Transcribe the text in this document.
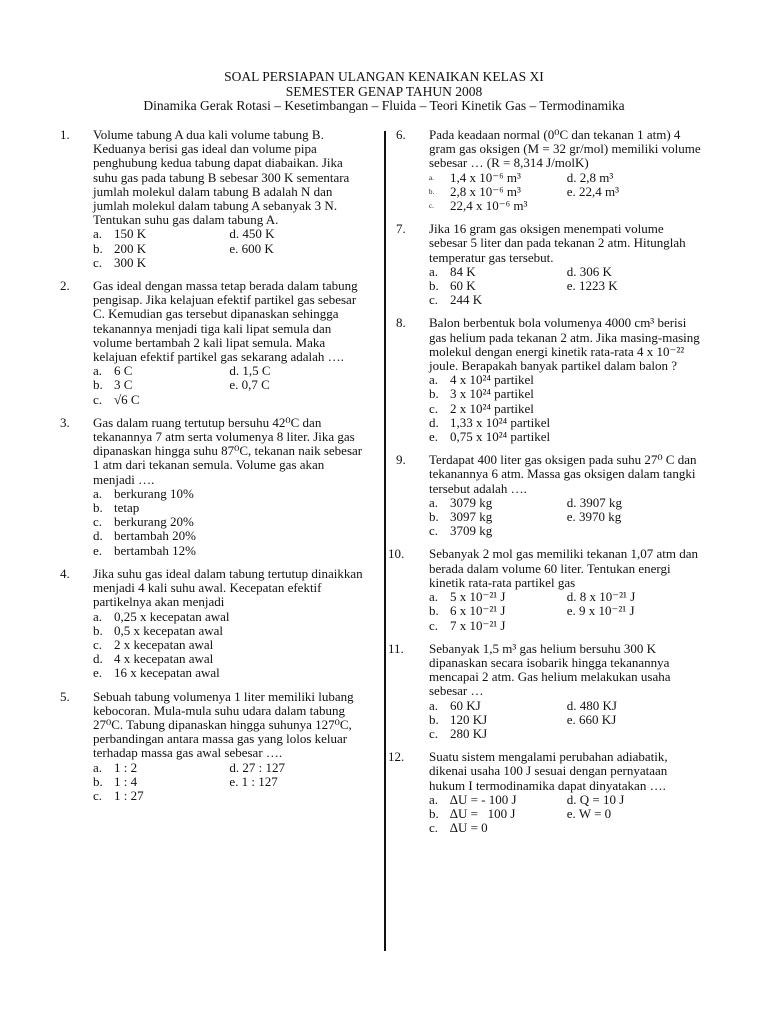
SOAL PERSIAPAN ULANGAN KENAIKAN KELAS XI
SEMESTER GENAP TAHUN 2008
Dinamika Gerak Rotasi – Kesetimbangan – Fluida – Teori Kinetik Gas – Termodinamika
1.	Volume tabung A dua kali volume tabung B. Keduanya berisi gas ideal dan volume pipa penghubung kedua tabung dapat diabaikan. Jika suhu gas pada tabung B sebesar 300 K sementara jumlah molekul dalam tabung B adalah N dan jumlah molekul dalam tabung A sebanyak 3 N. Tentukan suhu gas dalam tabung A.
a. 150 K	d. 450 K
b. 200 K	e. 600 K
c. 300 K
2.	Gas ideal dengan massa tetap berada dalam tabung pengisap. Jika kelajuan efektif partikel gas sebesar C. Kemudian gas tersebut dipanaskan sehingga tekanannya menjadi tiga kali lipat semula dan volume bertambah 2 kali lipat semula. Maka kelajuan efektif partikel gas sekarang adalah ….
a. 6 C	d. 1,5 C
b. 3 C	e. 0,7 C
c. √6 C
3.	Gas dalam ruang tertutup bersuhu 42⁰C dan tekanannya 7 atm serta volumenya 8 liter. Jika gas dipanaskan hingga suhu 87⁰C, tekanan naik sebesar 1 atm dari tekanan semula. Volume gas akan menjadi ….
a. berkurang 10%
b. tetap
c. berkurang 20%
d. bertambah 20%
e. bertambah 12%
4.	Jika suhu gas ideal dalam tabung tertutup dinaikkan menjadi 4 kali suhu awal. Kecepatan efektif partikelnya akan menjadi
a. 0,25 x kecepatan awal
b. 0,5 x kecepatan awal
c. 2 x kecepatan awal
d. 4 x kecepatan awal
e. 16 x kecepatan awal
5.	Sebuah tabung volumenya 1 liter memiliki lubang kebocoran. Mula-mula suhu udara dalam tabung 27⁰C. Tabung dipanaskan hingga suhunya 127⁰C, perbandingan antara massa gas yang lolos keluar terhadap massa gas awal sebesar ….
a. 1 : 2	d. 27 : 127
b. 1 : 4	e. 1 : 127
c. 1 : 27
6.	Pada keadaan normal (0⁰C dan tekanan 1 atm) 4 gram gas oksigen (M = 32 gr/mol) memiliki volume sebesar … (R = 8,314 J/molK)
a.	1,4 x 10⁻⁶ m³	d. 2,8 m³
b.	2,8 x 10⁻⁶ m³	e. 22,4 m³
c.	22,4 x 10⁻⁶ m³
7.	Jika 16 gram gas oksigen menempati volume sebesar 5 liter dan pada tekanan 2 atm. Hitunglah temperatur gas tersebut.
a. 84 K	d. 306 K
b. 60 K	e. 1223 K
c. 244 K
8.	Balon berbentuk bola volumenya 4000 cm³ berisi gas helium pada tekanan 2 atm. Jika masing-masing molekul dengan energi kinetik rata-rata 4 x 10⁻²² joule. Berapakah banyak partikel dalam balon ?
a. 4 x 10²⁴ partikel
b. 3 x 10²⁴ partikel
c. 2 x 10²⁴ partikel
d. 1,33 x 10²⁴ partikel
e. 0,75 x 10²⁴ partikel
9.	Terdapat 400 liter gas oksigen pada suhu 27⁰ C dan tekanannya 6 atm. Massa gas oksigen dalam tangki tersebut adalah ….
a. 3079 kg	d. 3907 kg
b. 3097 kg	e. 3970 kg
c. 3709 kg
10.	Sebanyak 2 mol gas memiliki tekanan 1,07 atm dan berada dalam volume 60 liter. Tentukan energi kinetik rata-rata partikel gas
a. 5 x 10⁻²¹ J	d. 8 x 10⁻²¹ J
b. 6 x 10⁻²¹ J	e. 9 x 10⁻²¹ J
c. 7 x 10⁻²¹ J
11.	Sebanyak 1,5 m³ gas helium bersuhu 300 K dipanaskan secara isobarik hingga tekanannya mencapai 2 atm. Gas helium melakukan usaha sebesar …
a. 60 KJ	d. 480 KJ
b. 120 KJ	e. 660 KJ
c. 280 KJ
12.	Suatu sistem mengalami perubahan adiabatik, dikenai usaha 100 J sesuai dengan pernyataan hukum I termodinamika dapat dinyatakan ….
a. ∆U = - 100 J	d. Q = 10 J
b. ∆U =   100 J	e. W = 0
c. ∆U = 0
